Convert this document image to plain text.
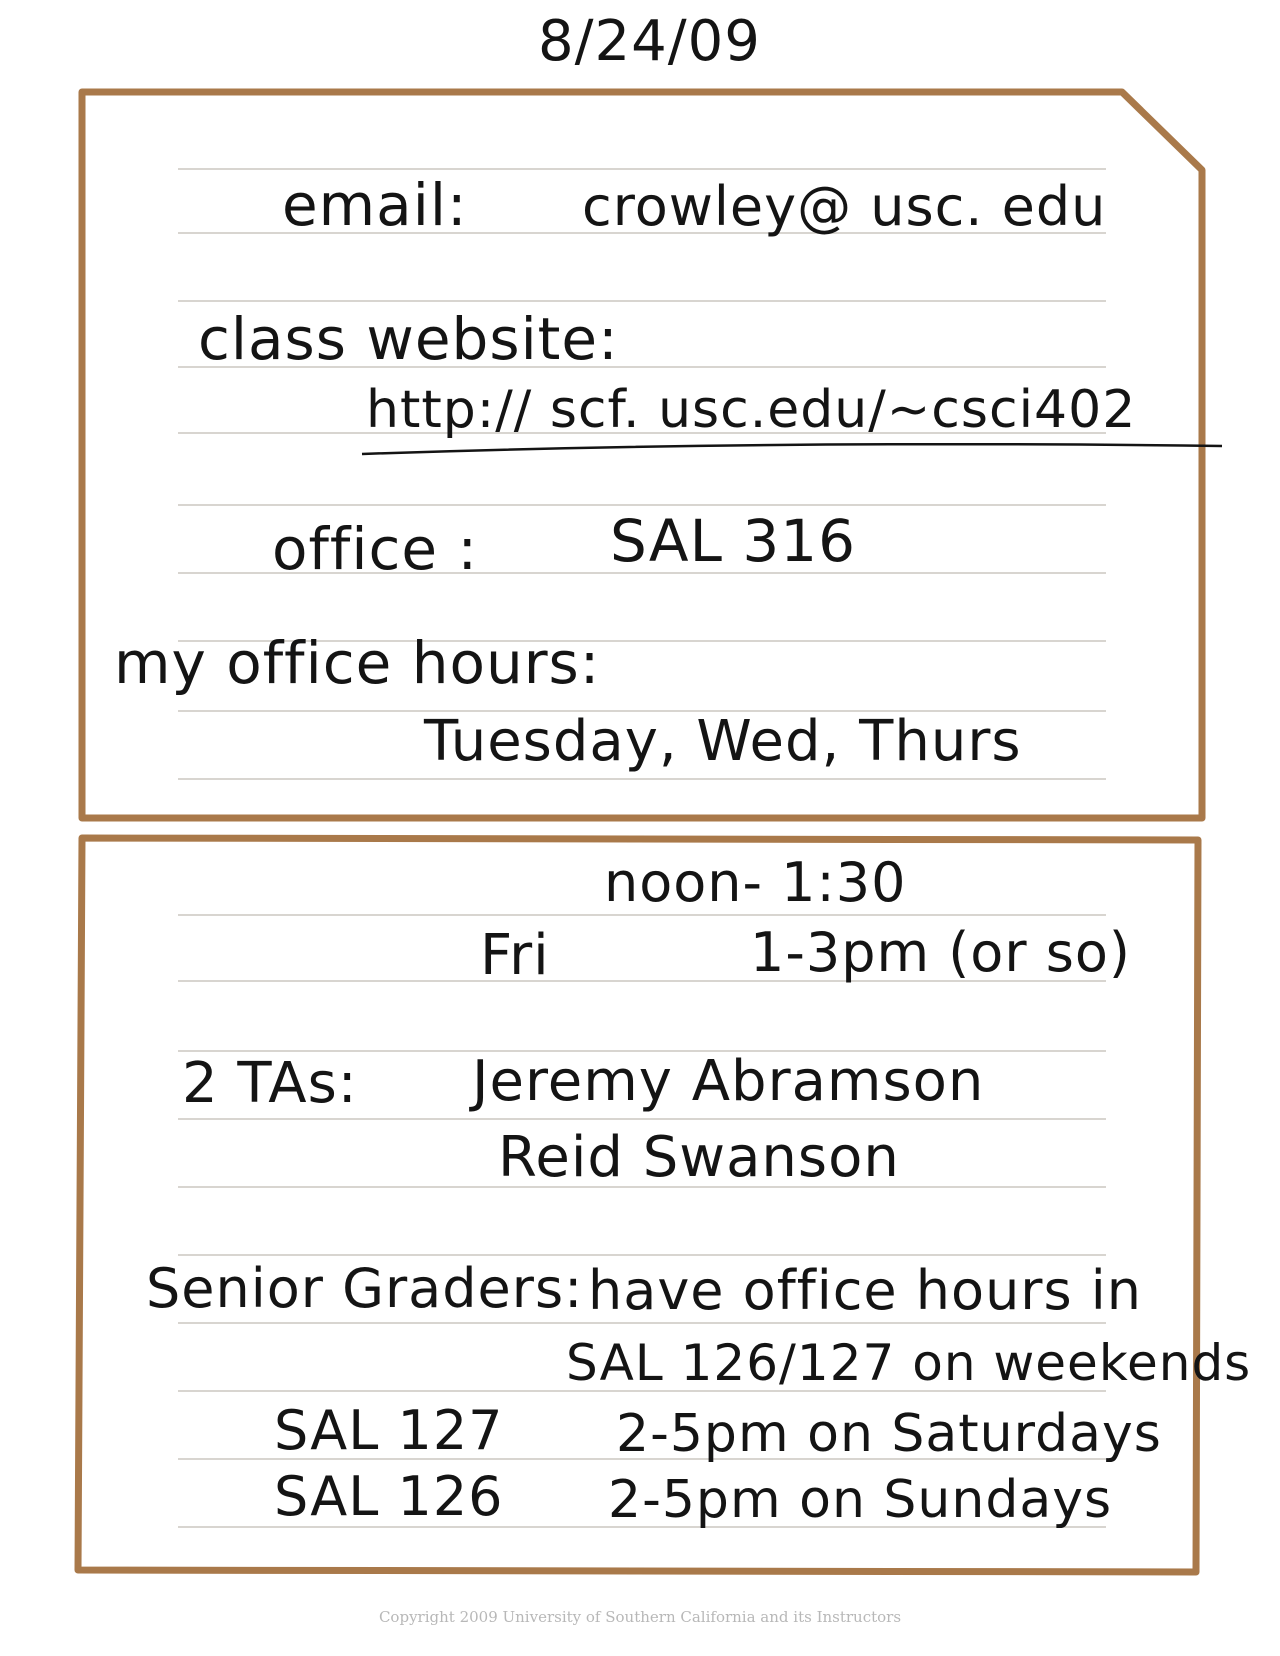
8/24/09
email: crowley@ usc. edu
class website:
http:// scf. usc.edu/~csci402
office : SAL 316
my office hours:
Tuesday, Wed, Thurs
noon- 1:30
Fri	1-3pm (or so)
2 TAs: Jeremy Abramson
Reid Swanson
Senior Graders: have office hours in
SAL 126/127 on weekends
SAL 127 2-5pm on Saturdays
SAL 126 2-5pm on Sundays
Copyright 2009 University of Southern California and its Instructors
